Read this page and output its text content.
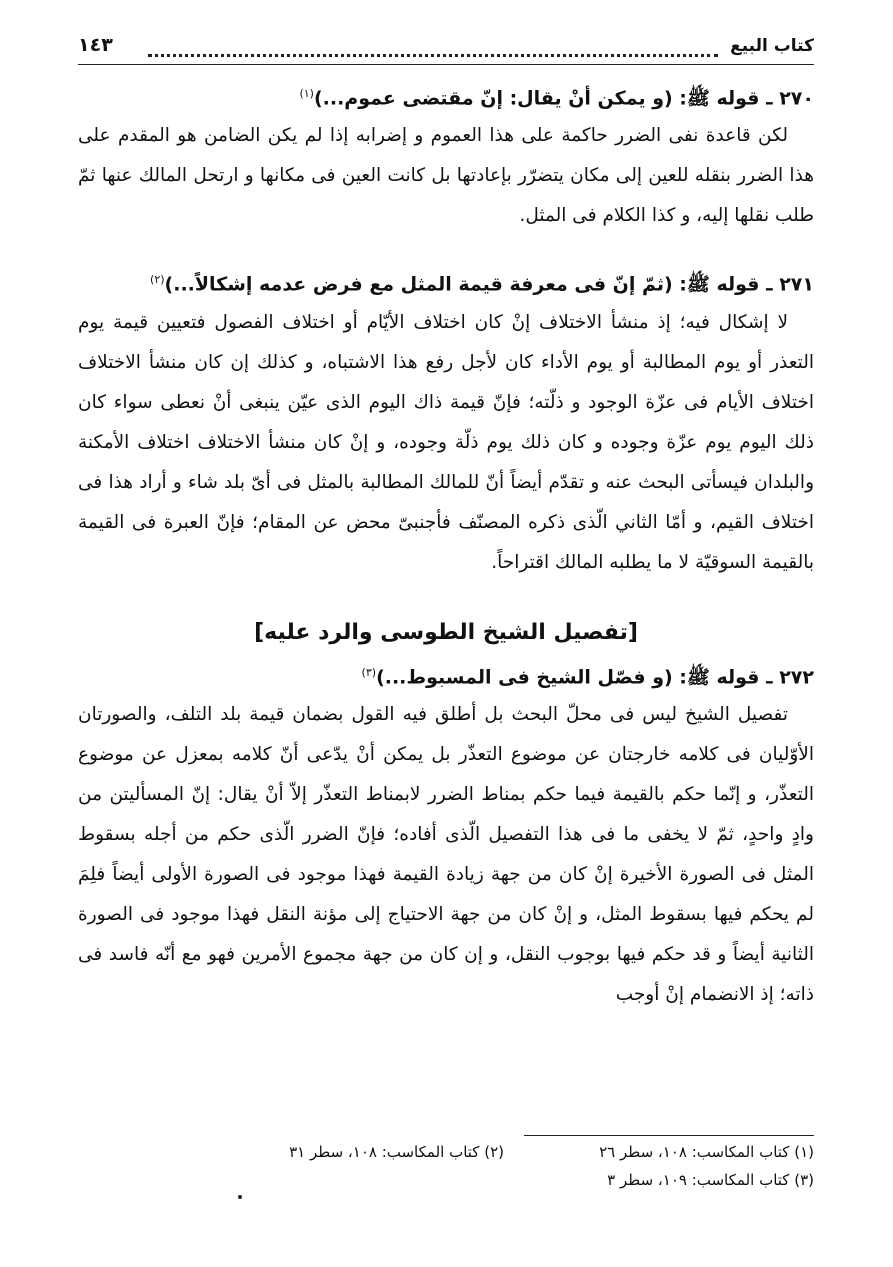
كتاب البيع
١٤٣

٢٧٠ ـ قوله ﷺ: (و يمكن أنْ يقال: إنّ مقتضى عموم...)$^{(١)}$

لكن قاعدة نفى الضرر حاكمة على هذا العموم و إضرابه إذا لم يكن الضامن هو المقدم على هذا الضرر بنقله للعين إلى مكان يتضرّر بإعادتها بل كانت العين فى مكانها و ارتحل المالك عنها ثمّ طلب نقلها إليه، و كذا الكلام فى المثل.

٢٧١ ـ قوله ﷺ: (ثمّ إنّ فى معرفة قيمة المثل مع فرض عدمه إشكالاً...)$^{(٢)}$

لا إشكال فيه؛ إذ منشأ الاختلاف إنْ كان اختلاف الأيّام أو اختلاف الفصول فتعيين قيمة يوم التعذر أو يوم المطالبة أو يوم الأداء كان لأجل رفع هذا الاشتباه، و كذلك إن كان منشأ الاختلاف اختلاف الأيام فى عزّة الوجود و ذلّته؛ فإنّ قيمة ذاك اليوم الذى عيّن ينبغى أنْ نعطى سواء كان ذلك اليوم يوم عزّة وجوده و كان ذلك يوم ذلّة وجوده، و إنْ كان منشأ الاختلاف اختلاف الأمكنة والبلدان فيسأتى البحث عنه و تقدّم أيضاً أنّ للمالك المطالبة بالمثل فى أىّ بلد شاء و أراد هذا فى اختلاف القيم، و أمّا الثاني الّذى ذكره المصنّف فأجنبىّ محض عن المقام؛ فإنّ العبرة فى القيمة بالقيمة السوقيّة لا ما يطلبه المالك اقتراحاً.

[تفصيل الشيخ الطوسى والرد عليه]

٢٧٢ ـ قوله ﷺ: (و فصّل الشيخ فى المسبوط...)$^{(٣)}$

تفصيل الشيخ ليس فى محلّ البحث بل أطلق فيه القول بضمان قيمة بلد التلف، والصورتان الأوّليان فى كلامه خارجتان عن موضوع التعذّر بل يمكن أنْ يدّعى أنّ كلامه بمعزل عن موضوع التعذّر، و إنّما حكم بالقيمة فيما حكم بمناط الضرر لابمناط التعذّر إلاّ أنْ يقال: إنّ المسأليتن من وادٍ واحدٍ، ثمّ لا يخفى ما فى هذا التفصيل الّذى أفاده؛ فإنّ الضرر الّذى حكم من أجله بسقوط المثل فى الصورة الأخيرة إنْ كان من جهة زيادة القيمة فهذا موجود فى الصورة الأولى أيضاً فلِمَ لم يحكم فيها بسقوط المثل، و إنْ كان من جهة الاحتياج إلى مؤنة النقل فهذا موجود فى الصورة الثانية أيضاً و قد حكم فيها بوجوب النقل، و إن كان من جهة مجموع الأمرين فهو مع أنّه فاسد فى ذاته؛ إذ الانضمام إنْ أوجب

(١) كتاب المكاسب: ١٠٨، سطر ٢٦
(٢) كتاب المكاسب: ١٠٨، سطر ٣١
(٣) كتاب المكاسب: ١٠٩، سطر ٣
